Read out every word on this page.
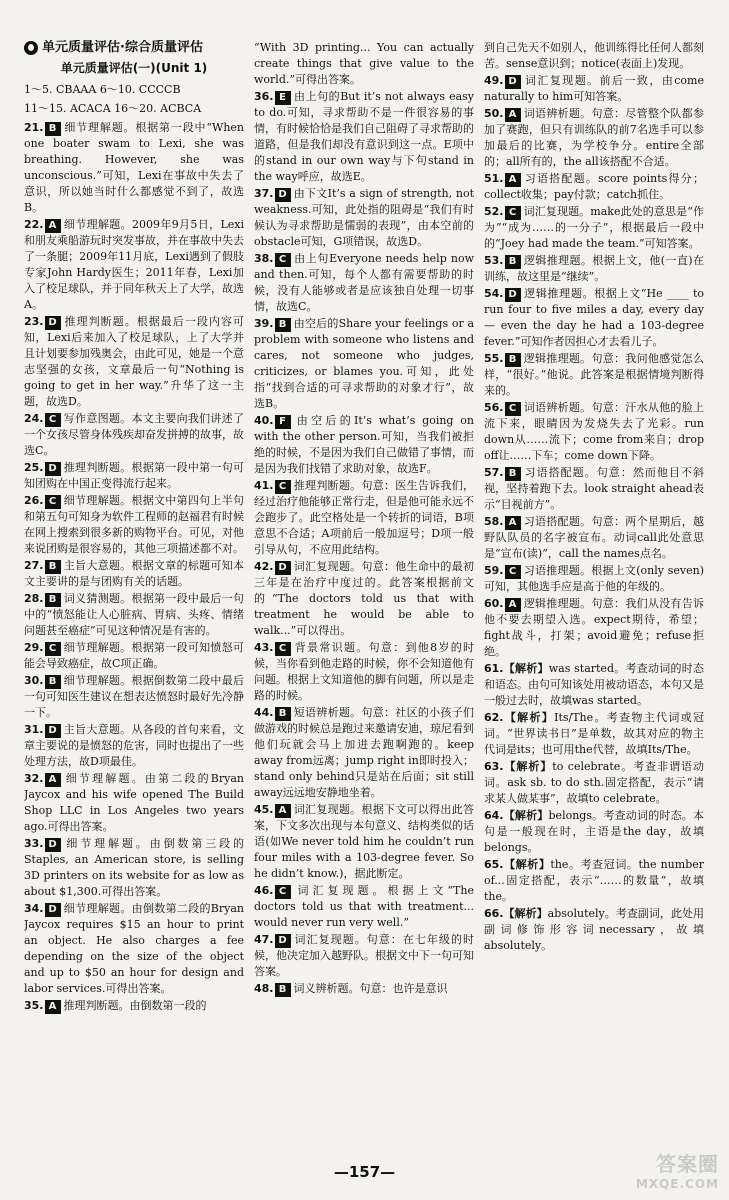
单元质量评估·综合质量评估
单元质量评估(一)(Unit 1)
1～5. CBAAA 6～10. CCCCB
11～15. ACACA 16～20. ACBCA

21. B 细节理解题。根据第一段中“When one boater swam to Lexi, she was breathing. However, she was unconscious.”可知，Lexi在事故中失去了意识，所以她当时什么都感觉不到了，故选B。

22. A 细节理解题。2009年9月5日，Lexi和朋友乘船游玩时突发事故，并在事故中失去了一条腿；2009年11月底，Lexi遇到了假肢专家John Hardy医生；2011年春，Lexi加入了校足球队，并于同年秋天上了大学，故选A。

23. D 推理判断题。根据最后一段内容可知，Lexi后来加入了校足球队，上了大学并且计划要参加残奥会，由此可见，她是一个意志坚强的女孩，文章最后一句“Nothing is going to get in her way.”升华了这一主题，故选D。

24. C 写作意图题。本文主要向我们讲述了一个女孩尽管身体残疾却奋发拼搏的故事，故选C。

25. D 推理判断题。根据第一段中第一句可知团购在中国正变得流行起来。

26. C 细节理解题。根据文中第四句上半句和第五句可知身为软件工程师的赵福君有时候在网上搜索到很多新的购物平台。可见，对他来说团购是很容易的，其他三项描述都不对。

27. B 主旨大意题。根据文章的标题可知本文主要讲的是与团购有关的话题。

28. B 词义猜测题。根据第一段中最后一句中的“愤怒能让人心脏病、胃病、头疼、情绪问题甚至癌症”可见这种情况是有害的。

29. C 细节理解题。根据第一段可知愤怒可能会导致癌症，故C项正确。

30. B 细节理解题。根据倒数第二段中最后一句可知医生建议在想表达愤怒时最好先冷静一下。

31. D 主旨大意题。从各段的首句来看，文章主要说的是愤怒的危害，同时也提出了一些处理方法，故D项最佳。

32. A 细节理解题。由第二段的Bryan Jaycox and his wife opened The Build Shop LLC in Los Angeles two years ago.可得出答案。

33. D 细节理解题。由倒数第三段的Staples, an American store, is selling 3D printers on its website for as low as about $1,300.可得出答案。

34. D 细节理解题。由倒数第二段的Bryan Jaycox requires $15 an hour to print an object. He also charges a fee depending on the size of the object and up to $50 an hour for design and labor services.可得出答案。

35. A 推理判断题。由倒数第一段的

“With 3D printing... You can actually create things that give value to the world.”可得出答案。

36. E 由上句的But it’s not always easy to do.可知，寻求帮助不是一件很容易的事情，有时候恰恰是我们自己阻碍了寻求帮助的道路，但是我们却没有意识到这一点。E项中的stand in our own way与下句stand in the way呼应，故选E。

37. D 由下文It’s a sign of strength, not weakness.可知，此处指的阻碍是“我们有时候认为寻求帮助是懦弱的表现”，由本空前的obstacle可知，G项错误，故选D。

38. C 由上句Everyone needs help now and then.可知，每个人都有需要帮助的时候，没有人能够或者是应该独自处理一切事情，故选C。

39. B 由空后的Share your feelings or a problem with someone who listens and cares, not someone who judges, criticizes, or blames you.可知，此处指“找到合适的可寻求帮助的对象才行”，故选B。

40. F 由空后的It’s what’s going on with the other person.可知，当我们被拒绝的时候，不是因为我们自己做错了事情，而是因为我们找错了求助对象，故选F。

41. C 推理判断题。句意：医生告诉我们，经过治疗他能够正常行走，但是他可能永远不会跑步了。此空格处是一个转折的词语，B项意思不合适；A项前后一般加逗号；D项一般引导从句，不应用此结构。

42. D 词汇复现题。句意：他生命中的最初三年是在治疗中度过的。此答案根据前文的“The doctors told us that with treatment he would be able to walk...”可以得出。

43. C 背景常识题。句意：到他8岁的时候，当你看到他走路的时候，你不会知道他有问题。根据上文知道他的脚有问题，所以是走路的时候。

44. B 短语辨析题。句意：社区的小孩子们做游戏的时候总是跑过来邀请安迪，琼尼看到他们玩就会马上加进去跑啊跑的。keep away from远离；jump right in即时投入；stand only behind只是站在后面；sit still away远远地安静地坐着。

45. A 词汇复现题。根据下文可以得出此答案，下文多次出现与本句意义、结构类似的话语(如We never told him he couldn’t run four miles with a 103-degree fever. So he didn’t know.)，据此断定。

46. C 词汇复现题。根据上文“The doctors told us that with treatment... would never run very well.”

47. D 词汇复现题。句意：在七年级的时候，他决定加入越野队。根据文中下一句可知答案。

48. B 词义辨析题。句意：也许是意识

到自己先天不如别人，他训练得比任何人都刻苦。sense意识到；notice(表面上)发现。

49. D 词汇复现题。前后一致，由come naturally to him可知答案。

50. A 词语辨析题。句意：尽管整个队都参加了赛跑，但只有训练队的前7名选手可以参加最后的比赛，为学校争分。entire全部的；all所有的，the all该搭配不合适。

51. A 习语搭配题。score points得分；collect收集；pay付款；catch抓住。

52. C 词汇复现题。make此处的意思是“作为”“成为……的一分子”，根据最后一段中的“Joey had made the team.”可知答案。

53. B 逻辑推理题。根据上文，他(一直)在训练，故这里是“继续”。

54. D 逻辑推理题。根据上文“He ____ to run four to five miles a day, every day — even the day he had a 103-degree fever.”可知作者因担心才去看儿子。

55. B 逻辑推理题。句意：我问他感觉怎么样，“很好。”他说。此答案是根据情境判断得来的。

56. C 词语辨析题。句意：汗水从他的脸上流下来，眼睛因为发烧失去了光彩。run down从……流下；come from来自；drop off让……下车；come down下降。

57. B 习语搭配题。句意：然而他目不斜视，坚持着跑下去。look straight ahead表示“目视前方”。

58. A 习语搭配题。句意：两个星期后，越野队队员的名字被宣布。动词call此处意思是“宣布(读)”，call the names点名。

59. C 习语推理题。根据上文(only seven)可知，其他选手应是高于他的年级的。

60. A 逻辑推理题。句意：我们从没有告诉他不要去期望入选。expect期待，希望；fight战斗，打架；avoid避免；refuse拒绝。

61.【解析】was started。考查动词的时态和语态。由句可知该处用被动语态，本句又是一般过去时，故填was started。

62.【解析】Its/The。考查物主代词或冠词。“世界读书日”是单数，故其对应的物主代词是its；也可用the代替，故填Its/The。

63.【解析】to celebrate。考查非谓语动词。ask sb. to do sth.固定搭配，表示“请求某人做某事”，故填to celebrate。

64.【解析】belongs。考查动词的时态。本句是一般现在时，主语是the day，故填belongs。

65.【解析】the。考查冠词。the number of...固定搭配，表示“……的数量”，故填the。

66.【解析】absolutely。考查副词，此处用副词修饰形容词necessary，故填absolutely。

—157—	答案圈
MXQE.COM
